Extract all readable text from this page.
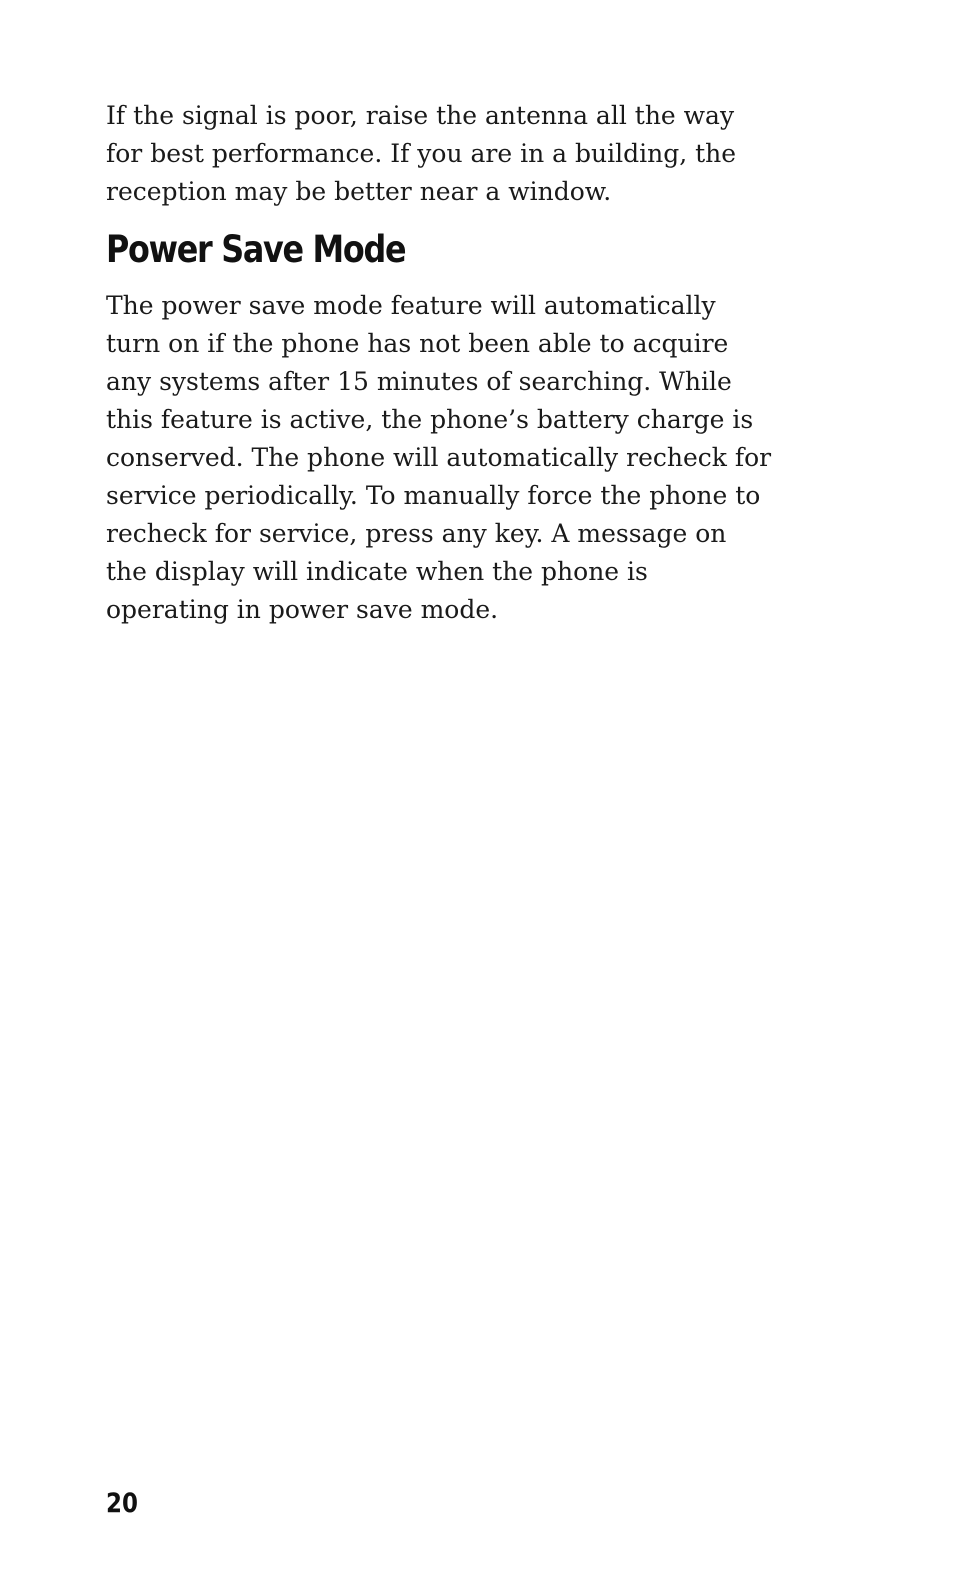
If the signal is poor, raise the antenna all the way
for best performance. If you are in a building, the
reception may be better near a window.

Power Save Mode

The power save mode feature will automatically
turn on if the phone has not been able to acquire
any systems after 15 minutes of searching. While
this feature is active, the phone’s battery charge is
conserved. The phone will automatically recheck for
service periodically. To manually force the phone to
recheck for service, press any key. A message on
the display will indicate when the phone is
operating in power save mode.

20
